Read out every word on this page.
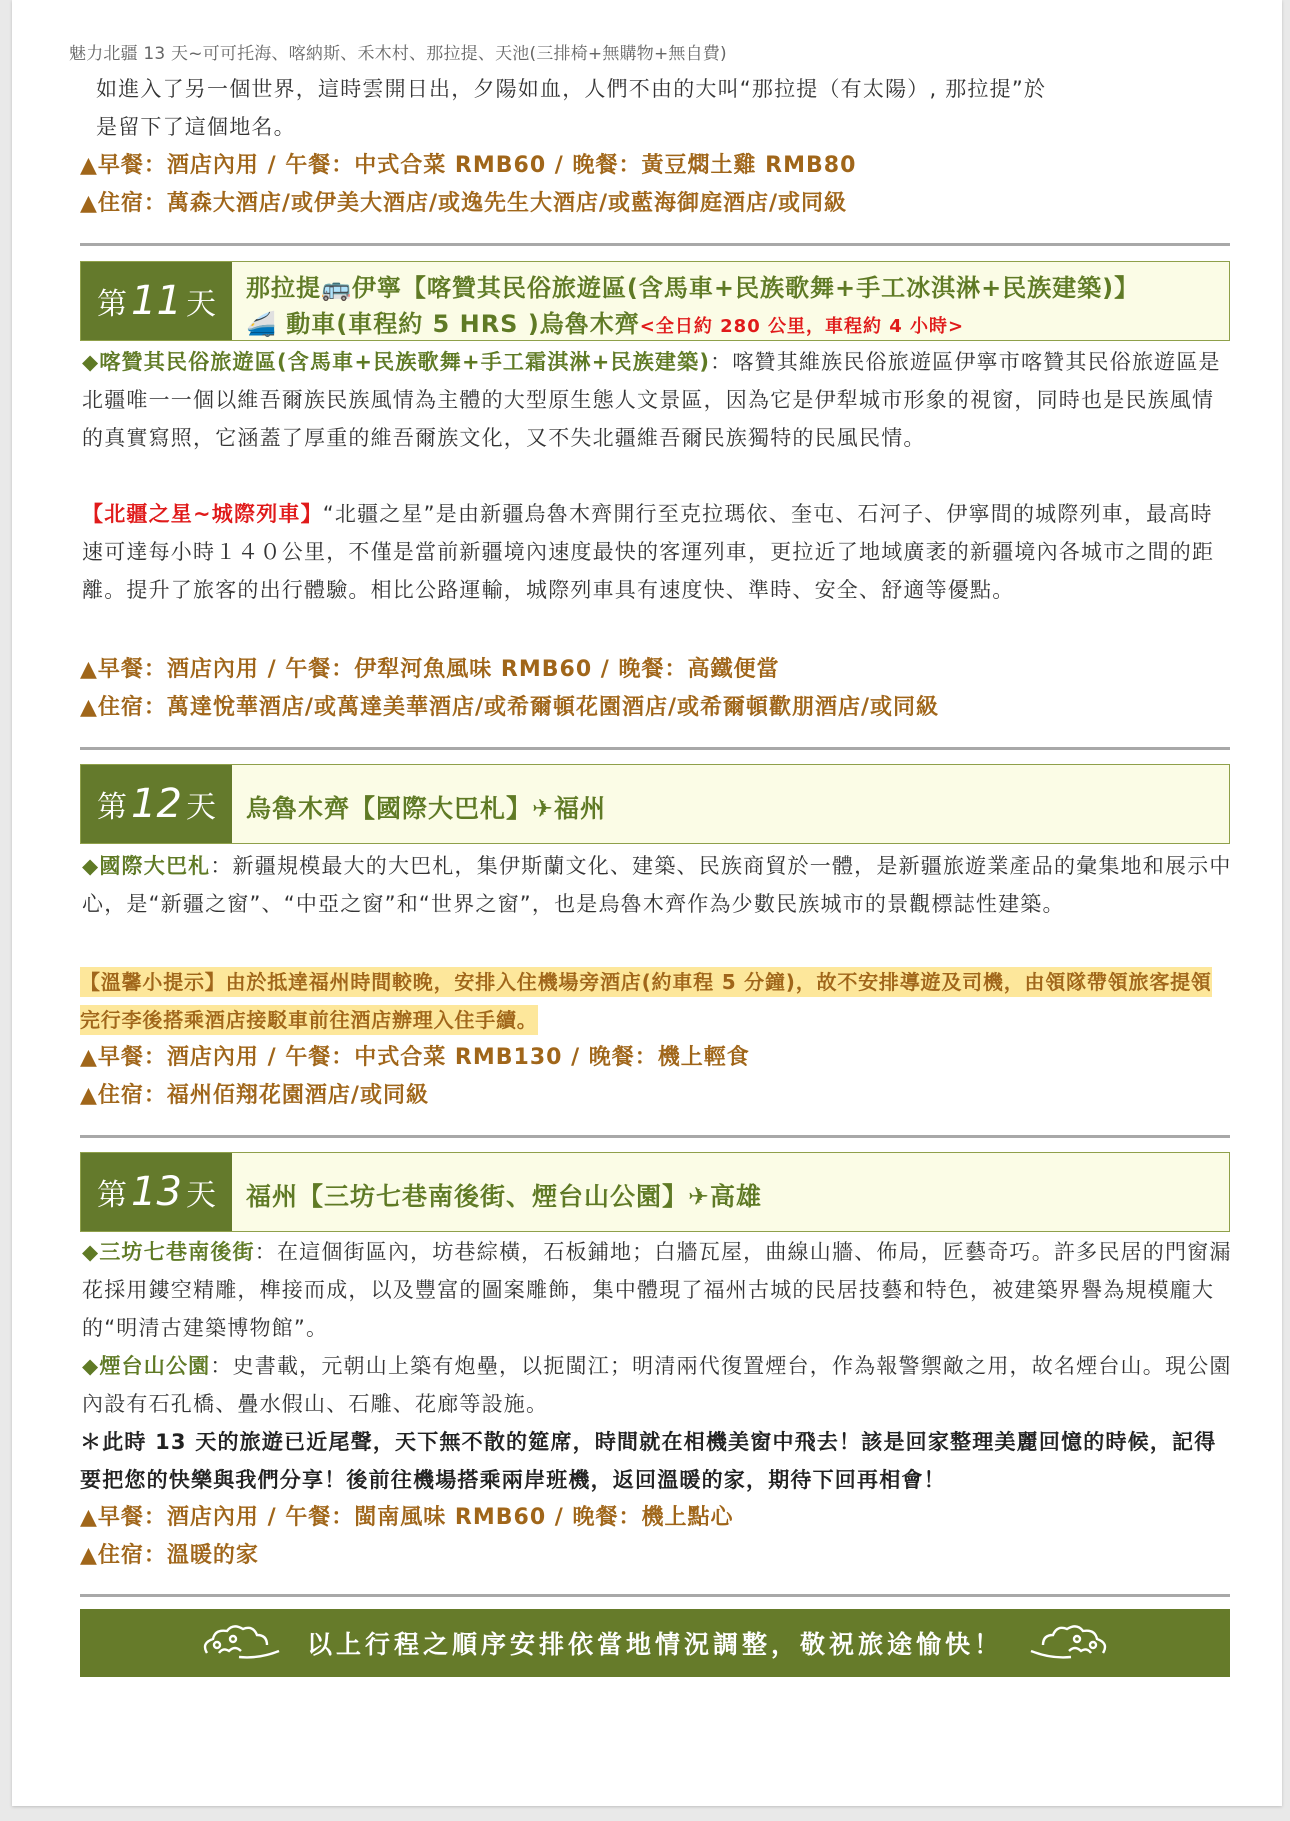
魅力北疆 13 天~可可托海、喀納斯、禾木村、那拉提、天池(三排椅+無購物+無自費)
如進入了另一個世界，這時雲開日出，夕陽如血，人們不由的大叫“那拉提（有太陽）, 那拉提”於
是留下了這個地名。
▲早餐：酒店內用 / 午餐：中式合菜 RMB60 / 晚餐：黃豆燜土雞 RMB80
▲住宿：萬森大酒店/或伊美大酒店/或逸先生大酒店/或藍海御庭酒店/或同級
第 11 天 那拉提🚌伊寧【喀贊其民俗旅遊區(含馬車+民族歌舞+手工冰淇淋+民族建築)】
🚄 動車(車程約 5 HRS )烏魯木齊<全日約 280 公里，車程約 4 小時>
◆喀贊其民俗旅遊區(含馬車+民族歌舞+手工霜淇淋+民族建築)：喀贊其維族民俗旅遊區伊寧市喀贊其民俗旅遊區是北疆唯一一個以維吾爾族民族風情為主體的大型原生態人文景區，因為它是伊犁城市形象的視窗，同時也是民族風情的真實寫照，它涵蓋了厚重的維吾爾族文化，又不失北疆維吾爾民族獨特的民風民情。
【北疆之星~城際列車】“北疆之星”是由新疆烏魯木齊開行至克拉瑪依、奎屯、石河子、伊寧間的城際列車，最高時速可達每小時１４０公里，不僅是當前新疆境內速度最快的客運列車，更拉近了地域廣袤的新疆境內各城市之間的距離。提升了旅客的出行體驗。相比公路運輸，城際列車具有速度快、準時、安全、舒適等優點。
▲早餐：酒店內用 / 午餐：伊犁河魚風味 RMB60 / 晚餐：高鐵便當
▲住宿：萬達悅華酒店/或萬達美華酒店/或希爾頓花園酒店/或希爾頓歡朋酒店/或同級
第 12 天 烏魯木齊【國際大巴札】✈福州
◆國際大巴札：新疆規模最大的大巴札，集伊斯蘭文化、建築、民族商貿於一體，是新疆旅遊業產品的彙集地和展示中心，是“新疆之窗”、“中亞之窗”和“世界之窗”，也是烏魯木齊作為少數民族城市的景觀標誌性建築。
【溫馨小提示】由於抵達福州時間較晚，安排入住機場旁酒店(約車程 5 分鐘)，故不安排導遊及司機，由領隊帶領旅客提領完行李後搭乘酒店接駁車前往酒店辦理入住手續。
▲早餐：酒店內用 / 午餐：中式合菜 RMB130 / 晚餐：機上輕食
▲住宿：福州佰翔花園酒店/或同級
第 13 天 福州【三坊七巷南後街、煙台山公園】✈高雄
◆三坊七巷南後街：在這個街區內，坊巷綜橫，石板鋪地；白牆瓦屋，曲線山牆、佈局，匠藝奇巧。許多民居的門窗漏花採用鏤空精雕，榫接而成，以及豐富的圖案雕飾，集中體現了福州古城的民居技藝和特色，被建築界譽為規模龐大的“明清古建築博物館”。
◆煙台山公園：史書載，元朝山上築有炮壘，以扼閩江；明清兩代復置煙台，作為報警禦敵之用，故名煙台山。現公園內設有石孔橋、疊水假山、石雕、花廊等設施。
＊此時 13 天的旅遊已近尾聲，天下無不散的筵席，時間就在相機美窗中飛去！該是回家整理美麗回憶的時候，記得要把您的快樂與我們分享！後前往機場搭乘兩岸班機，返回溫暖的家，期待下回再相會！
▲早餐：酒店內用 / 午餐：閩南風味 RMB60 / 晚餐：機上點心
▲住宿：溫暖的家
以上行程之順序安排依當地情況調整，敬祝旅途愉快！
